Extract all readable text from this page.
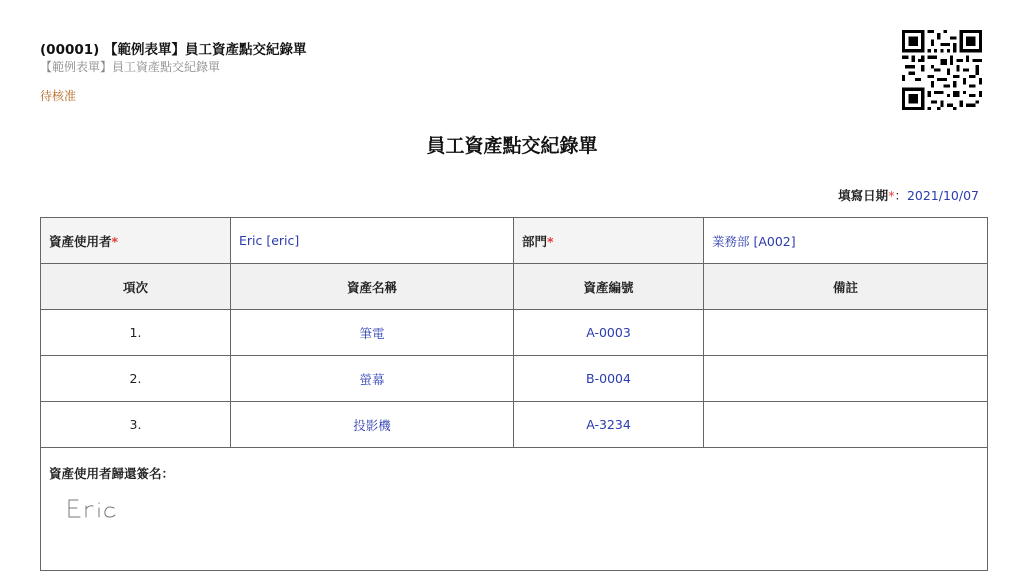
(00001) 【範例表單】員工資產點交紀錄單
【範例表單】員工資產點交紀錄單
待核准
員工資產點交紀錄單
填寫日期*：2021/10/07
資產使用者*	Eric [eric]	部門*	業務部 [A002]
項次	資產名稱	資產編號	備註
1.	筆電	A-0003	
2.	螢幕	B-0004	
3.	投影機	A-3234	

資產使用者歸還簽名：			
